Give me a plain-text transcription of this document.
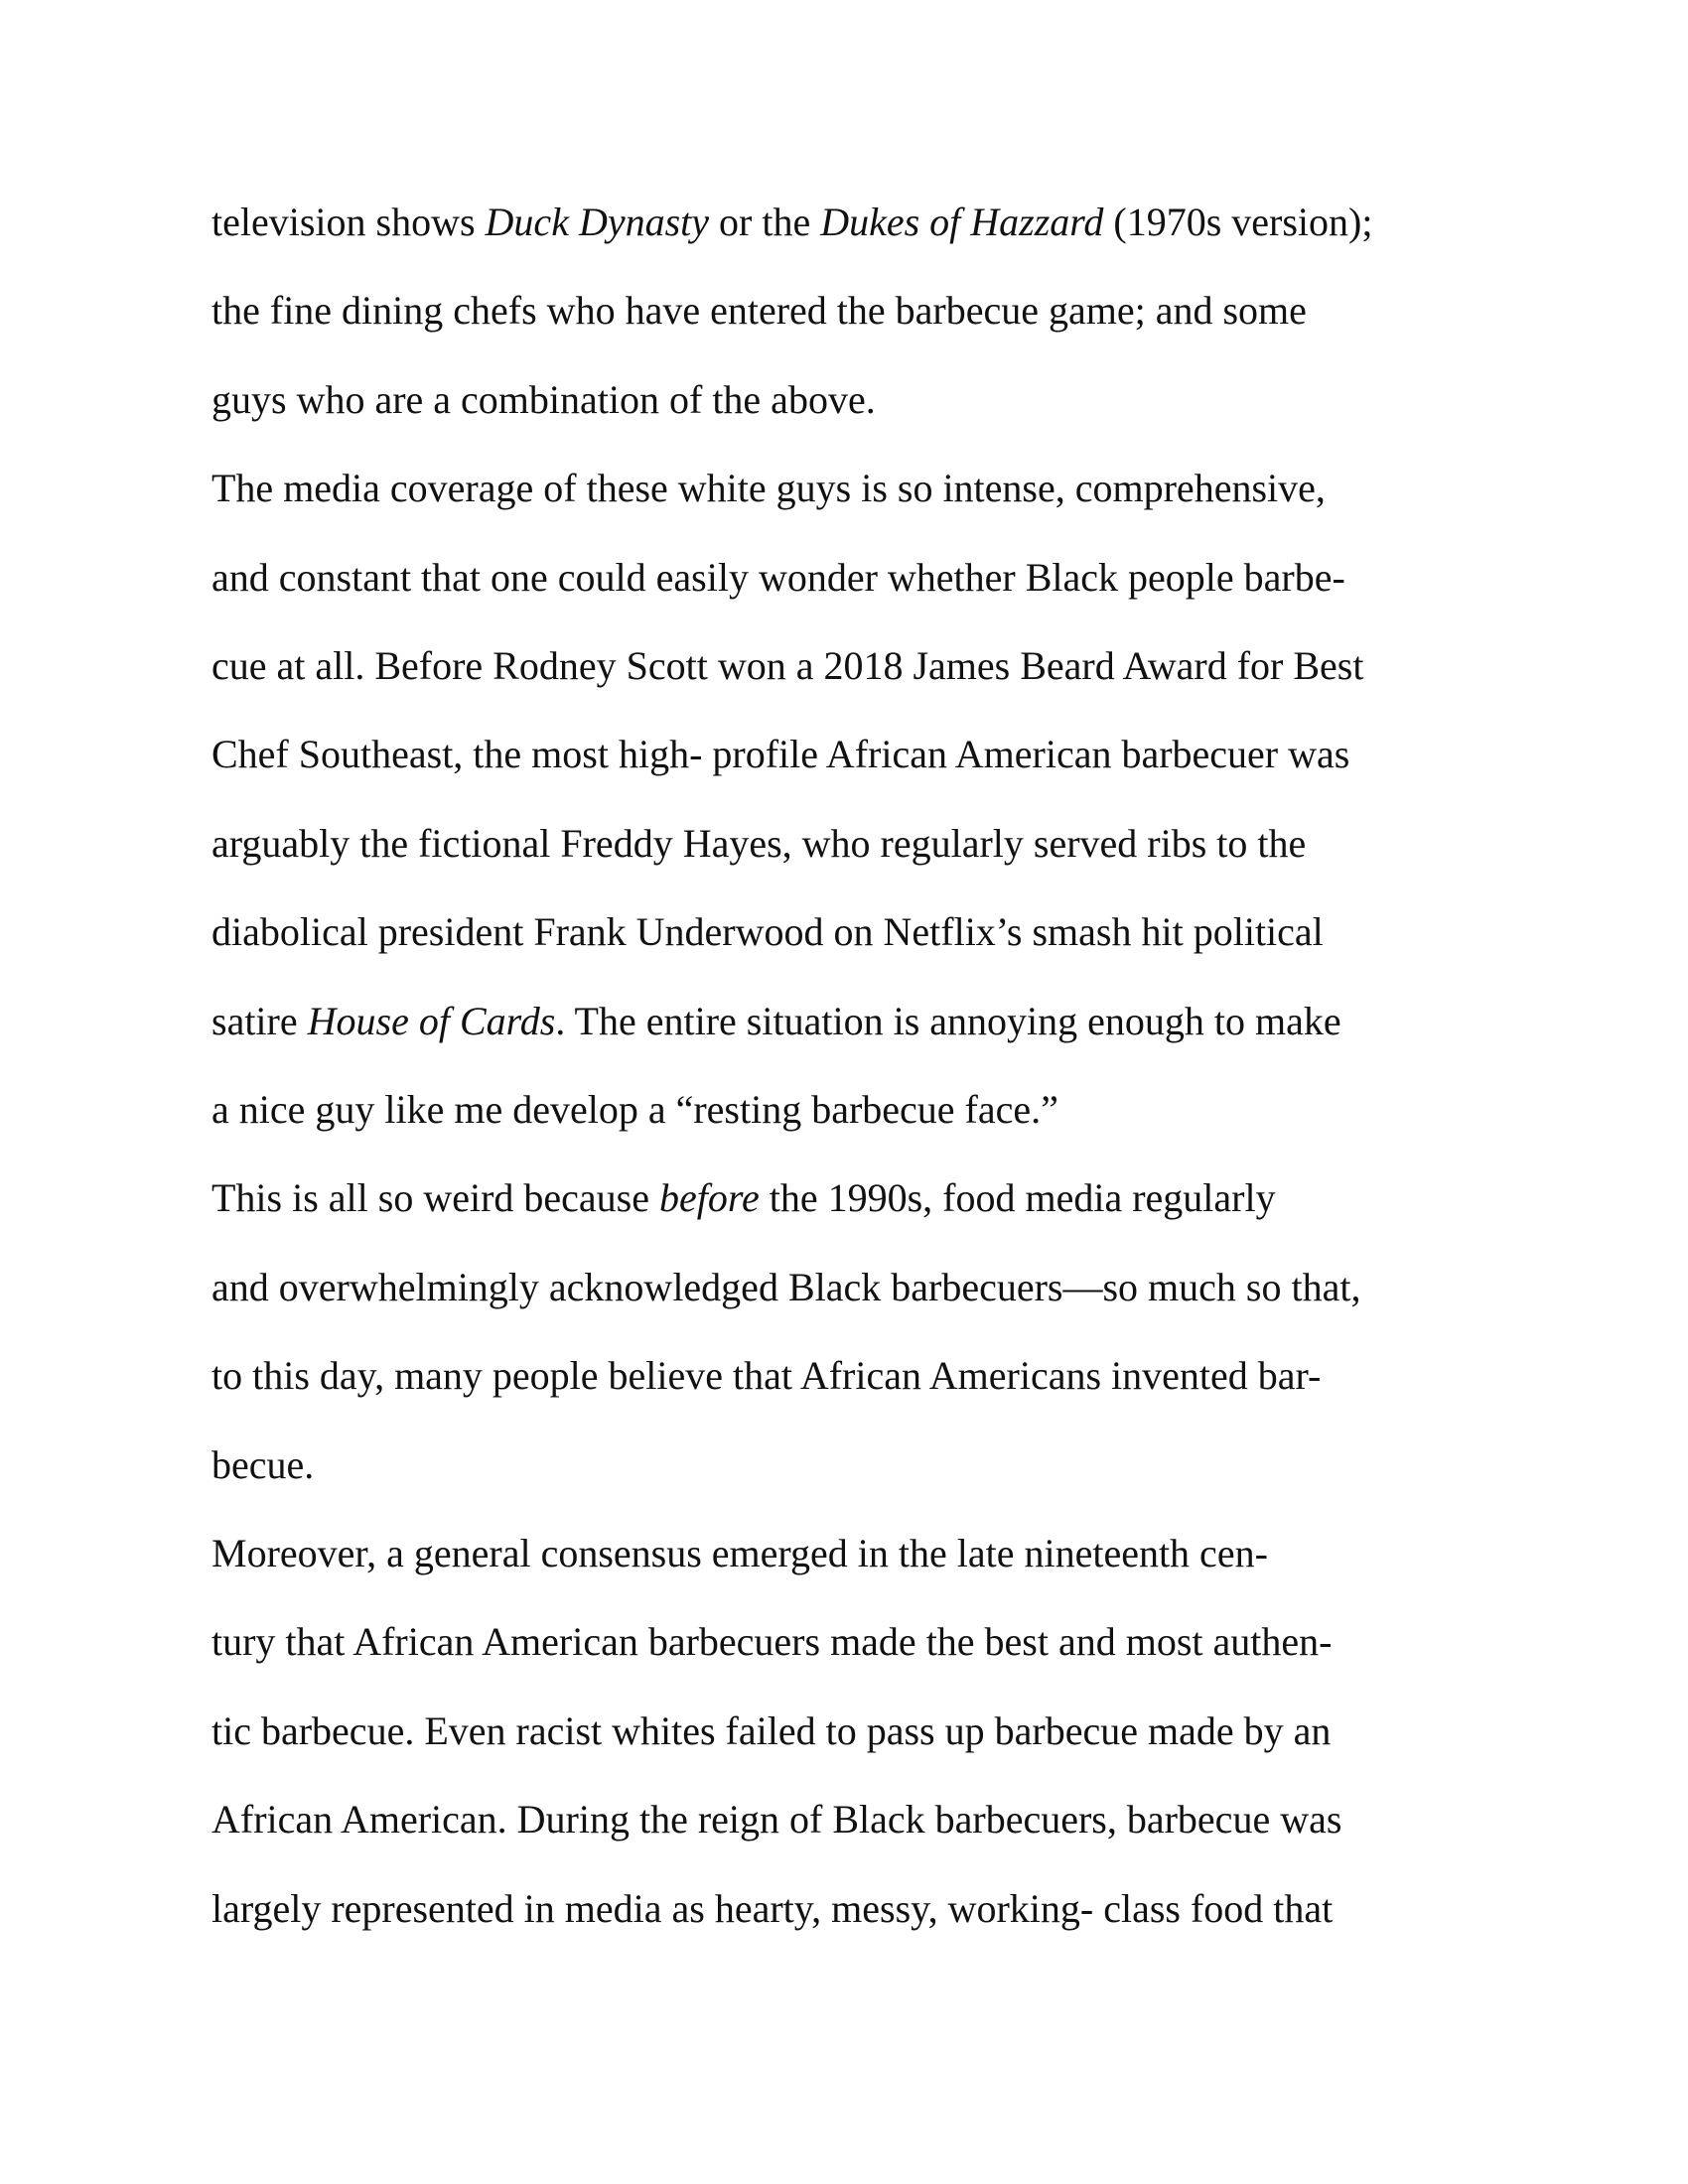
television shows Duck Dynasty or the Dukes of Hazzard (1970s version);
the fine dining chefs who have entered the barbecue game; and some
guys who are a combination of the above.
The media coverage of these white guys is so intense, comprehensive,
and constant that one could easily wonder whether Black people barbe-
cue at all. Before Rodney Scott won a 2018 James Beard Award for Best
Chef Southeast, the most high- profile African American barbecuer was
arguably the fictional Freddy Hayes, who regularly served ribs to the
diabolical president Frank Underwood on Netflix’s smash hit political
satire House of Cards. The entire situation is annoying enough to make
a nice guy like me develop a “resting barbecue face.”
This is all so weird because before the 1990s, food media regularly
and overwhelmingly acknowledged Black barbecuers—so much so that,
to this day, many people believe that African Americans invented bar-
becue.
Moreover, a general consensus emerged in the late nineteenth cen-
tury that African American barbecuers made the best and most authen-
tic barbecue. Even racist whites failed to pass up barbecue made by an
African American. During the reign of Black barbecuers, barbecue was
largely represented in media as hearty, messy, working- class food that
